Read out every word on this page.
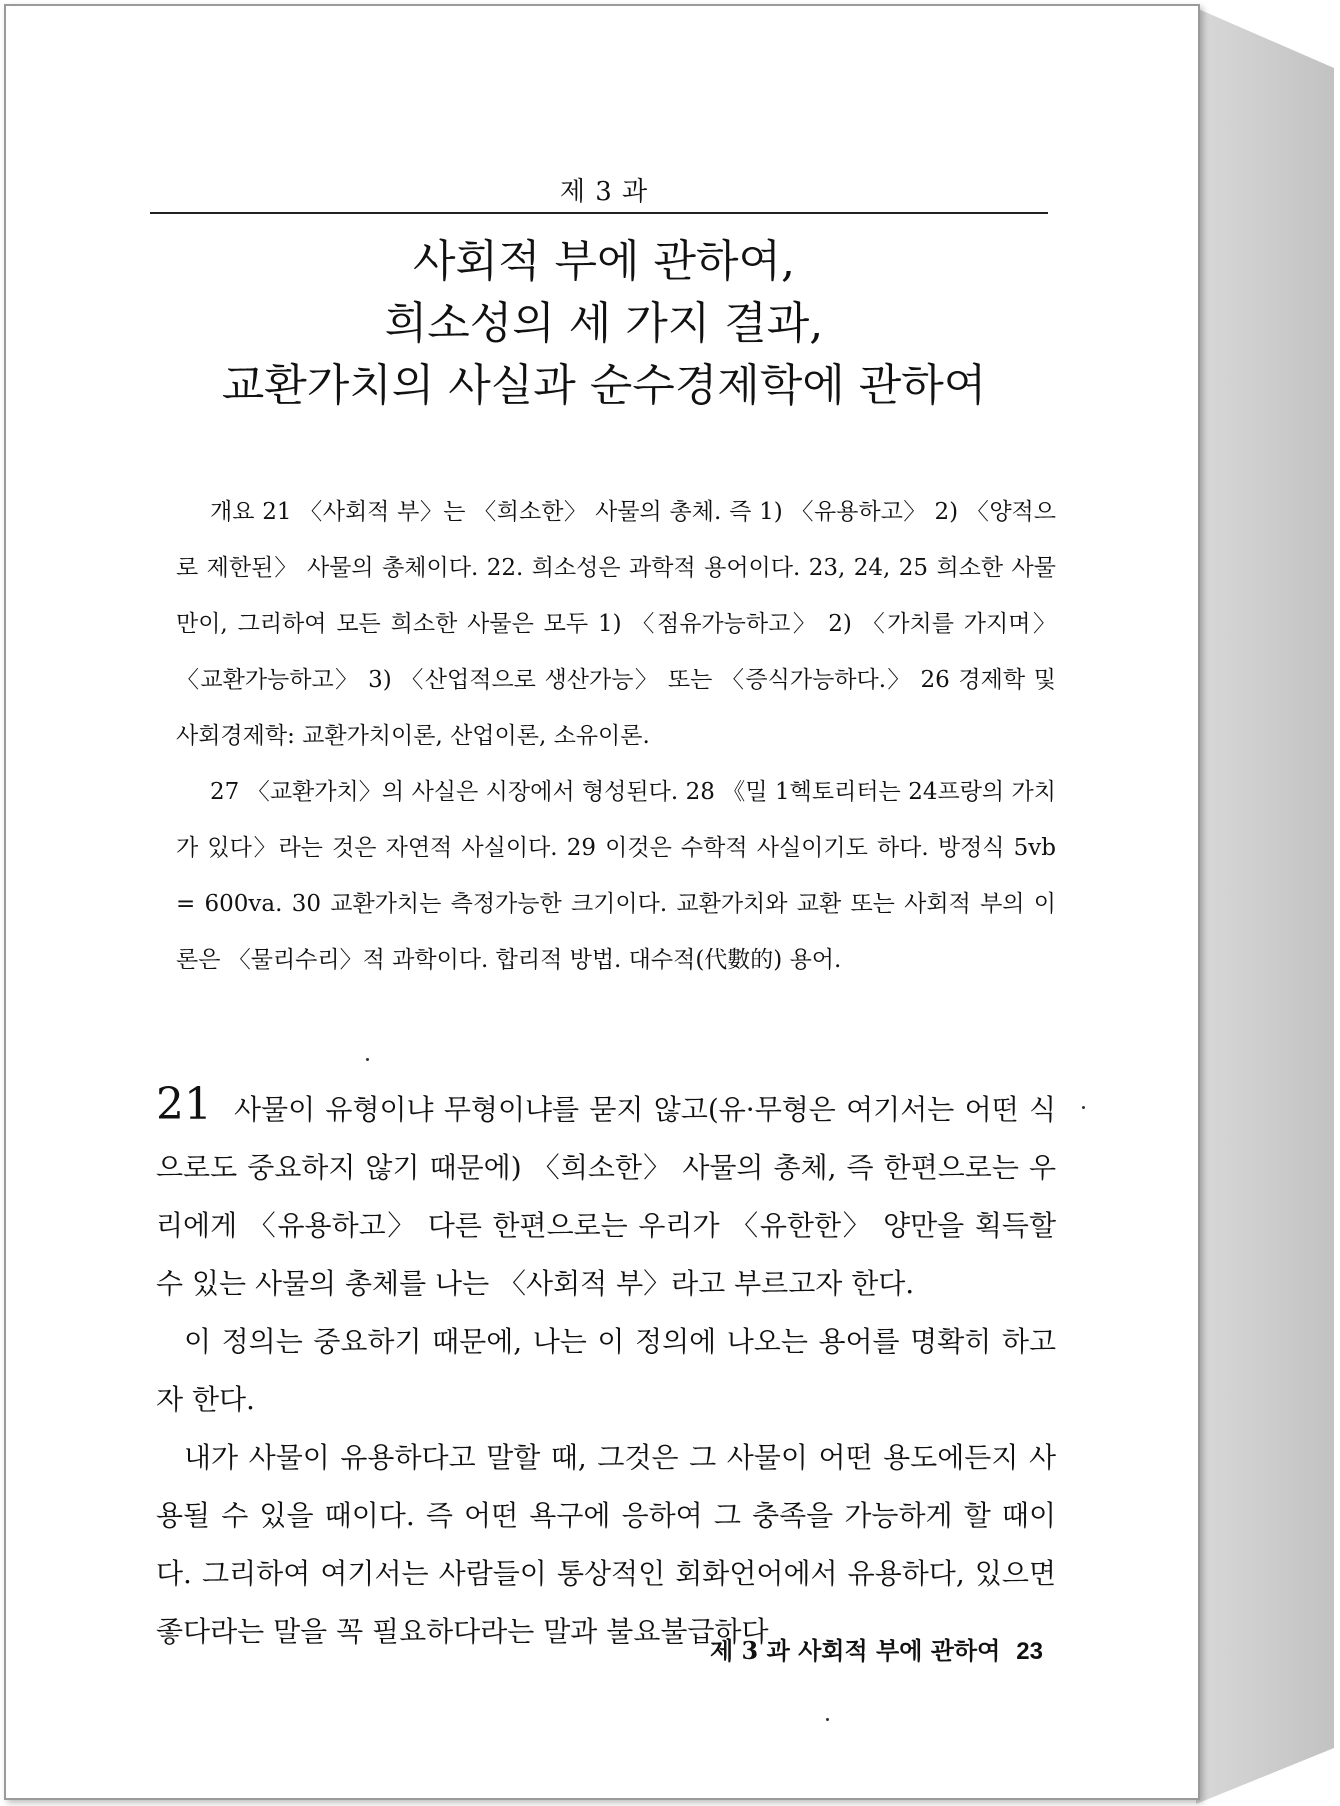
제 3 과
사회적 부에 관하여,
희소성의 세 가지 결과,
교환가치의 사실과 순수경제학에 관하여

개요 21 〈사회적 부〉는 〈희소한〉 사물의 총체. 즉 1) 〈유용하고〉 2) 〈양적으로 제한된〉 사물의 총체이다. 22. 희소성은 과학적 용어이다. 23, 24, 25 희소한 사물만이, 그리하여 모든 희소한 사물은 모두 1) 〈점유가능하고〉 2) 〈가치를 가지며〉 〈교환가능하고〉 3) 〈산업적으로 생산가능〉 또는 〈증식가능하다.〉 26 경제학 및 사회경제학: 교환가치이론, 산업이론, 소유이론.

27 〈교환가치〉의 사실은 시장에서 형성된다. 28 《밀 1헥토리터는 24프랑의 가치가 있다〉라는 것은 자연적 사실이다. 29 이것은 수학적 사실이기도 하다. 방정식 5vb = 600va. 30 교환가치는 측정가능한 크기이다. 교환가치와 교환 또는 사회적 부의 이론은 〈물리수리〉적 과학이다. 합리적 방법. 대수적(代數的) 용어.

21 사물이 유형이냐 무형이냐를 묻지 않고(유·무형은 여기서는 어떤 식으로도 중요하지 않기 때문에) 〈희소한〉 사물의 총체, 즉 한편으로는 우리에게 〈유용하고〉 다른 한편으로는 우리가 〈유한한〉 양만을 획득할 수 있는 사물의 총체를 나는 〈사회적 부〉라고 부르고자 한다.

이 정의는 중요하기 때문에, 나는 이 정의에 나오는 용어를 명확히 하고자 한다.

내가 사물이 유용하다고 말할 때, 그것은 그 사물이 어떤 용도에든지 사용될 수 있을 때이다. 즉 어떤 욕구에 응하여 그 충족을 가능하게 할 때이다. 그리하여 여기서는 사람들이 통상적인 회화언어에서 유용하다, 있으면 좋다라는 말을 꼭 필요하다라는 말과 불요불급하다

제 3 과 사회적 부에 관하여 23
